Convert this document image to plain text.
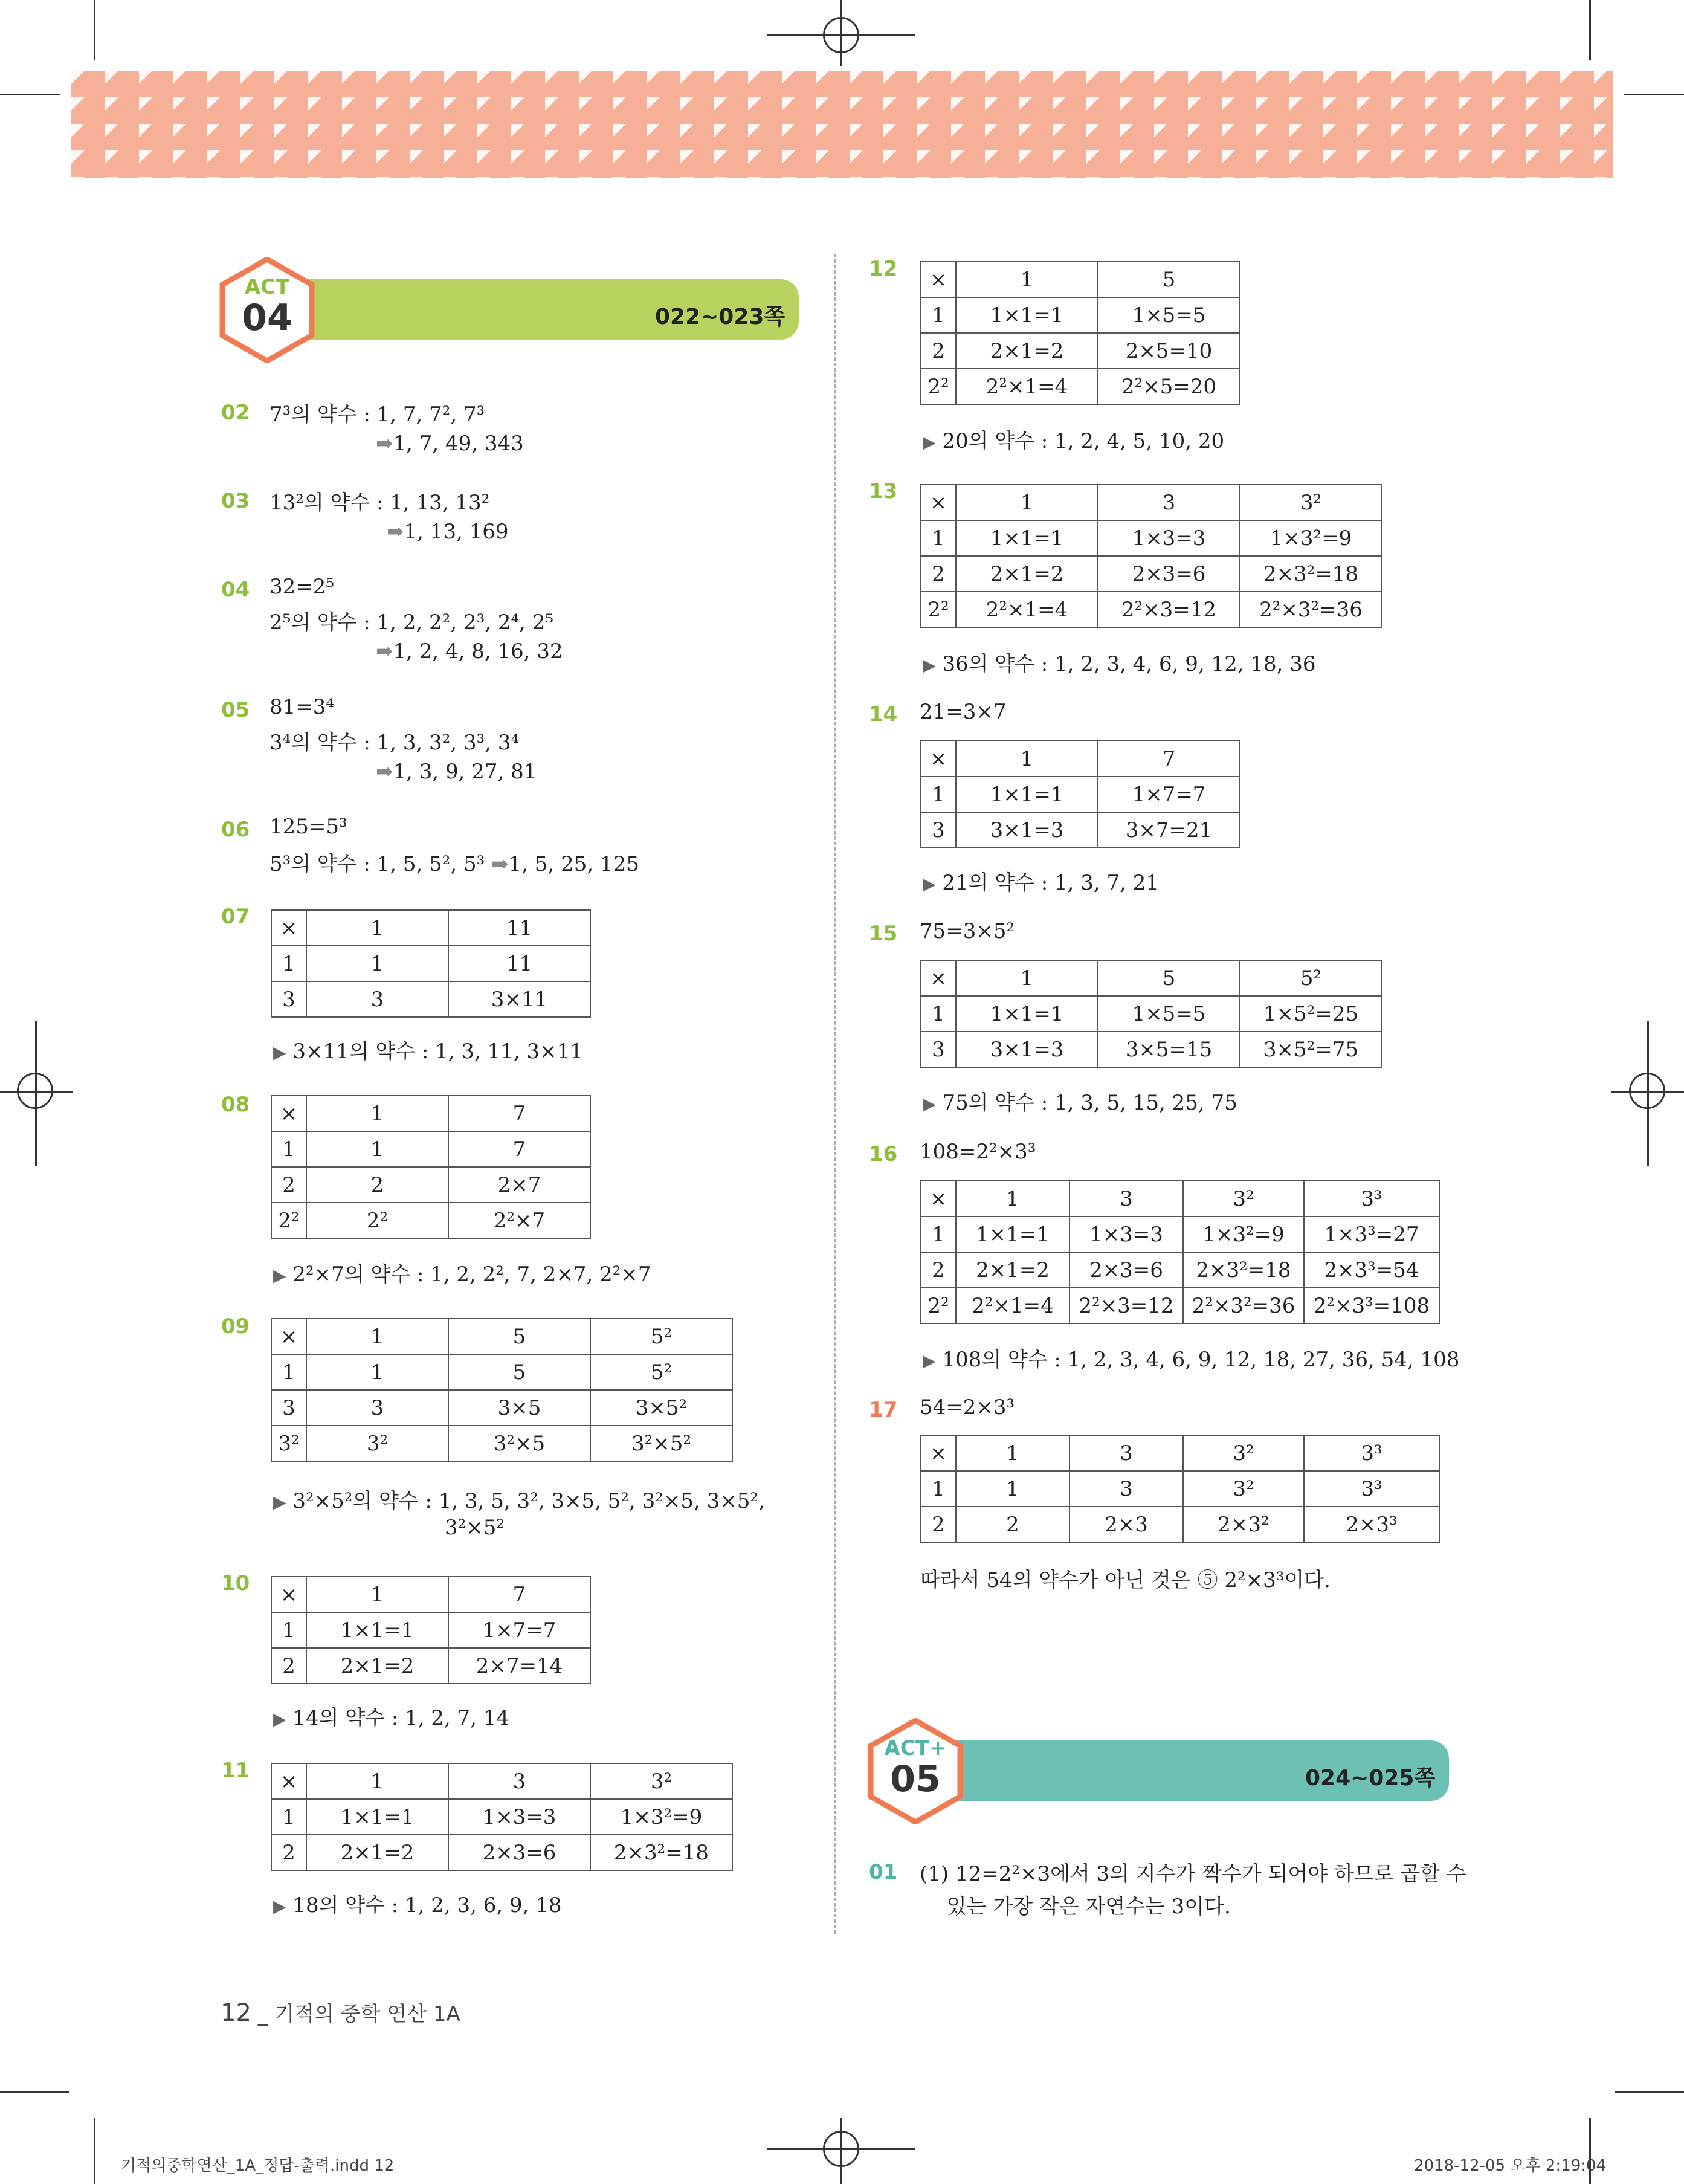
022~023쪽
ACT
04
02 7³의 약수 : 1, 7, 7², 7³
➡1, 7, 49, 343
03 13²의 약수 : 1, 13, 13²
➡1, 13, 169
04 32=2⁵
2⁵의 약수 : 1, 2, 2², 2³, 2⁴, 2⁵
➡1, 2, 4, 8, 16, 32
05 81=3⁴
3⁴의 약수 : 1, 3, 3², 3³, 3⁴
➡1, 3, 9, 27, 81
06 125=5³
5³의 약수 : 1, 5, 5², 5³ ➡1, 5, 25, 125
07 ×	1	11
1	1	11
3	3	3×11
▶ 3×11의 약수 : 1, 3, 11, 3×11
08 ×	1	7
1	1	7
2	2	2×7
2²	2²	2²×7
▶ 2²×7의 약수 : 1, 2, 2², 7, 2×7, 2²×7
09 ×	1	5	5²
1	1	5	5²
3	3	3×5	3×5²
3²	3²	3²×5	3²×5²
▶ 3²×5²의 약수 : 1, 3, 5, 3², 3×5, 5², 3²×5, 3×5²,
3²×5²
10 ×	1	7
1	1×1=1	1×7=7
2	2×1=2	2×7=14
▶ 14의 약수 : 1, 2, 7, 14
11 ×	1	3	3²
1	1×1=1	1×3=3	1×3²=9
2	2×1=2	2×3=6	2×3²=18
▶ 18의 약수 : 1, 2, 3, 6, 9, 18
12 ×	1	5
1	1×1=1	1×5=5
2	2×1=2	2×5=10
2²	2²×1=4	2²×5=20
▶ 20의 약수 : 1, 2, 4, 5, 10, 20
13 ×	1	3	3²
1	1×1=1	1×3=3	1×3²=9
2	2×1=2	2×3=6	2×3²=18
2²	2²×1=4	2²×3=12	2²×3²=36
▶ 36의 약수 : 1, 2, 3, 4, 6, 9, 12, 18, 36
14 21=3×7
×	1	7
1	1×1=1	1×7=7
3	3×1=3	3×7=21
▶ 21의 약수 : 1, 3, 7, 21
15 75=3×5²
×	1	5	5²
1	1×1=1	1×5=5	1×5²=25
3	3×1=3	3×5=15	3×5²=75
▶ 75의 약수 : 1, 3, 5, 15, 25, 75
16 108=2²×3³
×	1	3	3²	3³
1	1×1=1	1×3=3	1×3²=9	1×3³=27
2	2×1=2	2×3=6	2×3²=18	2×3³=54
2²	2²×1=4	2²×3=12	2²×3²=36	2²×3³=108
▶ 108의 약수 : 1, 2, 3, 4, 6, 9, 12, 18, 27, 36, 54, 108
17 54=2×3³
×	1	3	3²	3³
1	1	3	3²	3³
2	2	2×3	2×3²	2×3³
따라서 54의 약수가 아닌 것은 ⑤ 2²×3³이다.
024~025쪽
ACT+
05
01 (1) 12=2²×3에서 3의 지수가 짝수가 되어야 하므로 곱할 수
있는 가장 작은 자연수는 3이다.
12 _ 기적의 중학 연산 1A
기적의중학연산_1A_정답-출력.indd 12	2018-12-05 오후 2:19:04
